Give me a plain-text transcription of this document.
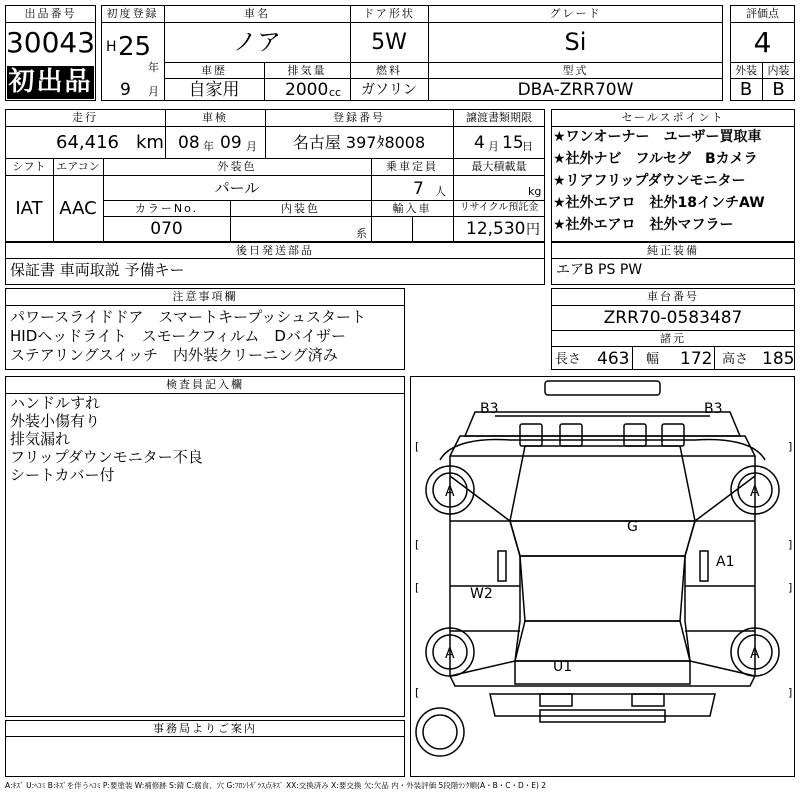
出品番号
30043
初出品
初度登録
H 25
年
9 月
車名
ノア
ドア形状
5W
グレード
Si
車歴
自家用
排気量
2000 cc
燃料
ガソリン
型式
DBA-ZRR70W
評価点
4
外装 内装
B	B
走行
64,416 km
車検
08 年 09 月
登録番号
名古屋 397ﾀ8008
譲渡書類期限
4 月 15
日
シフト
IAT
エアコン
AAC
外装色
パール
乗車定員
7 人
最大積載量
kg
カラーNo.
070
内装色
系
輸入車	リサイクル預託金
12,530 円
後日発送部品
保証書 車両取説 予備キー
セールスポイント
★ワンオーナー　ユーザー買取車
★社外ナビ　フルセグ　Bカメラ
★リアフリップダウンモニター
★社外エアロ　社外18インチAW
★社外エアロ　社外マフラー
純正装備
エアB PS PW
注意事項欄
パワースライドドア　スマートキープッシュスタート
HIDヘッドライト　スモークフィルム　Dバイザー
ステアリングスイッチ　内外装クリーニング済み
車台番号
ZRR70-0583487
諸元
長さ 463 幅 172 高さ 185
検査員記入欄
ハンドルすれ
外装小傷有り
排気漏れ
フリップダウンモニター不良
シートカバー付
事務局よりご案内
[	]
[	]
[	]
[	]
B3	B3
A	A
G
A1
W2
A	A
U1
A:ｷｽﾞ U:ﾍｺﾐ B:ｷｽﾞを伴うﾍｺﾐ P:要塗装 W:補修跡 S:錆 C:腐食、穴 G:ﾌﾛﾝﾄｶﾞﾗｽ点ｷｽﾞ XX:交換済み X:要交換 欠:欠品 内・外装評価 5段階ﾗﾝｸ順(A・B・C・D・E) 2
